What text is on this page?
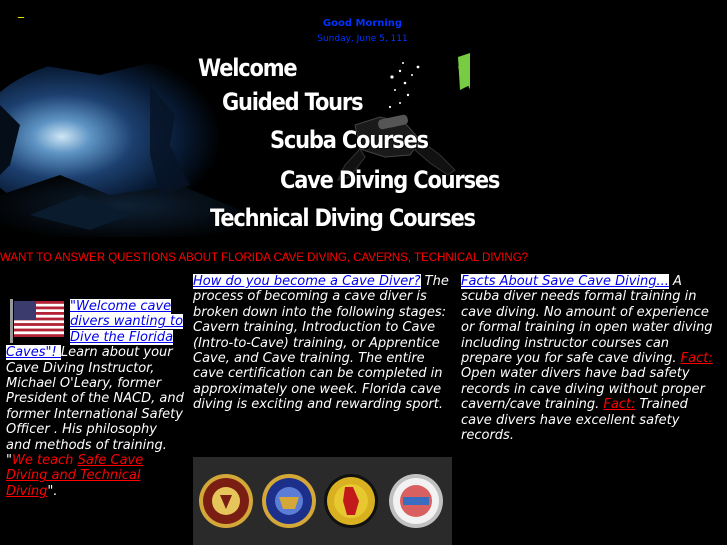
_
Good Morning
Sunday, June 5, 111
Welcome
Guided Tours
Scuba Courses
Cave Diving Courses
Technical Diving Courses
WANT TO ANSWER QUESTIONS ABOUT FLORIDA CAVE DIVING, CAVERNS, TECHNICAL DIVING?
"Welcome cave divers wanting to Dive the Florida Caves"! Learn about your Cave Diving Instructor, Michael O'Leary, former President of the NACD, and former International Safety Officer . His philosophy and methods of training. "We teach Safe Cave Diving and Technical Diving".
How do you become a Cave Diver? The process of becoming a cave diver is broken down into the following stages: Cavern training, Introduction to Cave (Intro-to-Cave) training, or Apprentice Cave, and Cave training. The entire cave certification can be completed in approximately one week. Florida cave diving is exciting and rewarding sport.
Facts About Save Cave Diving... A scuba diver needs formal training in cave diving. No amount of experience or formal training in open water diving including instructor courses can prepare you for safe cave diving. Fact: Open water divers have bad safety records in cave diving without proper cavern/cave training. Fact: Trained cave divers have excellent safety records.
